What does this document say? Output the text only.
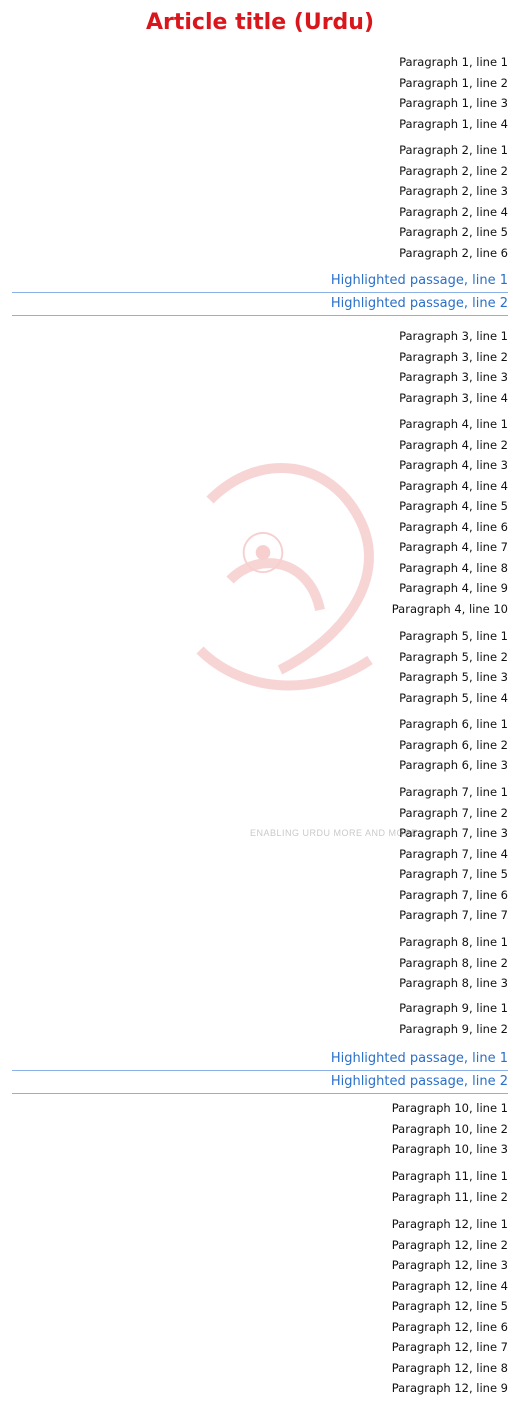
Article title (Urdu)
⦿
ENABLING URDU MORE AND MORE
Paragraph 1, line 1
Paragraph 1, line 2
Paragraph 1, line 3
Paragraph 1, line 4
Paragraph 2, line 1
Paragraph 2, line 2
Paragraph 2, line 3
Paragraph 2, line 4
Paragraph 2, line 5
Paragraph 2, line 6
Highlighted passage, line 1
Highlighted passage, line 2
Paragraph 3, line 1
Paragraph 3, line 2
Paragraph 3, line 3
Paragraph 3, line 4
Paragraph 4, line 1
Paragraph 4, line 2
Paragraph 4, line 3
Paragraph 4, line 4
Paragraph 4, line 5
Paragraph 4, line 6
Paragraph 4, line 7
Paragraph 4, line 8
Paragraph 4, line 9
Paragraph 4, line 10
Paragraph 5, line 1
Paragraph 5, line 2
Paragraph 5, line 3
Paragraph 5, line 4
Paragraph 6, line 1
Paragraph 6, line 2
Paragraph 6, line 3
Paragraph 7, line 1
Paragraph 7, line 2
Paragraph 7, line 3
Paragraph 7, line 4
Paragraph 7, line 5
Paragraph 7, line 6
Paragraph 7, line 7
Paragraph 8, line 1
Paragraph 8, line 2
Paragraph 8, line 3
Paragraph 9, line 1
Paragraph 9, line 2
Highlighted passage, line 1
Highlighted passage, line 2
Paragraph 10, line 1
Paragraph 10, line 2
Paragraph 10, line 3
Paragraph 11, line 1
Paragraph 11, line 2
Paragraph 12, line 1
Paragraph 12, line 2
Paragraph 12, line 3
Paragraph 12, line 4
Paragraph 12, line 5
Paragraph 12, line 6
Paragraph 12, line 7
Paragraph 12, line 8
Paragraph 12, line 9
